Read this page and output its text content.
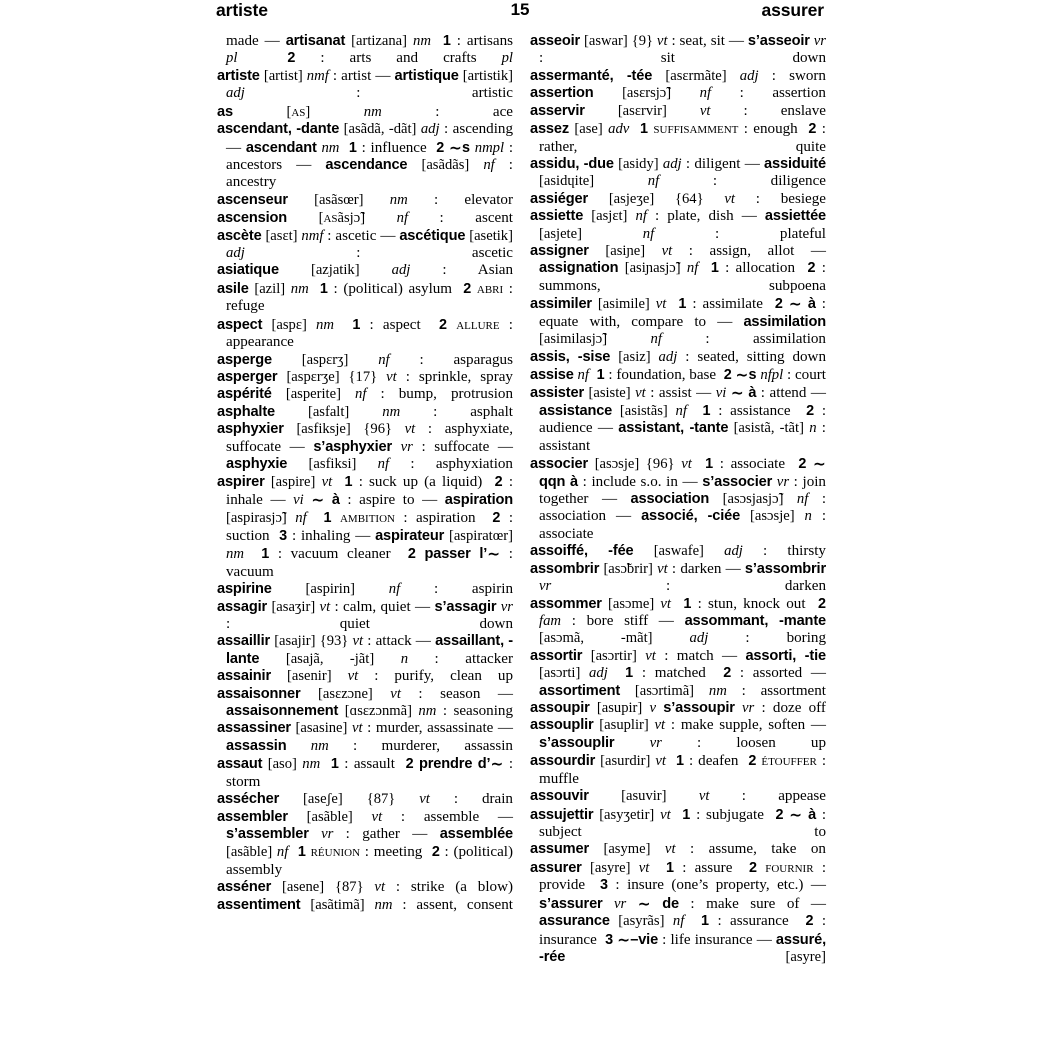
artiste	15	assurer
made — artisanat [artizana] nm 1 : artisans pl	2 : arts and crafts pl
artiste [artist] nmf : artist — artistique [artistik] adj : artistic
as	[as]	nm : ace
ascendant, -dante [asãdã, -dãt] adj : ascending — ascendant nm 1 : influence  2 ∼s nmpl : ancestors — ascendance [asãdãs] nf : ancestry
ascenseur [asãsœr] nm : elevator
ascension [asãsjɔ̃] nf : ascent
ascète [asɛt] nmf : ascetic — ascétique [asetik] adj : ascetic
asiatique [azjatik] adj : Asian
asile [azil] nm 1 : (political) asylum  2 abri : refuge
aspect [aspɛ] nm 1 : aspect  2 allure : appearance
asperge [aspɛrʒ] nf : asparagus
asperger [aspɛrʒe] {17} vt : sprinkle, spray
aspérité [asperite] nf : bump, protrusion
asphalte [asfalt] nm : asphalt
asphyxier [asfiksje] {96} vt : asphyxiate, suffocate — s’asphyxier vr : suffocate — asphyxie [asfiksi] nf : asphyxiation
aspirer [aspire] vt 1 : suck up (a liquid)  2 : inhale — vi ∼ à : aspire to — aspiration [aspirasjɔ̃] nf 1 ambition : aspiration  2 : suction  3 : inhaling — aspirateur [aspiratœr] nm 1 : vacuum cleaner  2 passer l’∼ : vacuum
aspirine [aspirin] nf : aspirin
assagir [asaʒir] vt : calm, quiet — s’assagir vr : quiet down
assaillir [asajir] {93} vt : attack — assaillant, -lante [asajã, -jãt] n : attacker
assainir [asenir] vt : purify, clean up
assaisonner [asɛzɔne] vt : season — assaisonnement [ɑsɛzɔnmã] nm : seasoning
assassiner [asasine] vt : murder, assassinate — assassin nm : murderer, assassin
assaut [aso] nm 1 : assault  2 prendre d’∼ : storm
assécher [aseʃe] {87} vt : drain
assembler [asãble] vt : assemble — s’assembler vr : gather — assemblée [asãble] nf 1 réunion : meeting  2 : (political) assembly
asséner [asene] {87} vt : strike (a blow)
assentiment [asãtimã] nm : assent, consent
asseoir [aswar] {9} vt : seat, sit — s’asseoir vr : sit down
assermanté, -tée [asɛrmãte] adj : sworn
assertion [asɛrsjɔ̃] nf : assertion
asservir [asɛrvir] vt : enslave
assez [ase] adv 1 suffisamment : enough  2 : rather, quite
assidu, -due [asidy] adj : diligent — assiduité [asidɥite]	nf : diligence
assiéger [asjeʒe] {64} vt : besiege
assiette [asjɛt] nf : plate, dish — assiettée [asjete]	nf : plateful
assigner [asiɲe] vt : assign, allot — assignation [asiɲasjɔ̃] nf 1 : allocation  2 : summons, subpoena
assimiler [asimile] vt 1 : assimilate  2 ∼ à : equate with, compare to — assimilation [asimilasjɔ̃]	nf : assimilation
assis, -sise [asiz] adj : seated, sitting down
assise nf 1 : foundation, base  2 ∼s nfpl : court
assister [asiste] vt : assist — vi ∼ à : attend — assistance [asistãs] nf 1 : assistance  2 : audience — assistant, -tante [asistã, -tãt] n : assistant
associer [asɔsje] {96} vt 1 : associate  2 ∼ qqn à : include s.o. in — s’associer vr : join together — association [asɔsjasjɔ̃] nf : association — associé, -ciée [asɔsje] n : associate
assoiffé, -fée [aswafe] adj : thirsty
assombrir [asɔ̃brir] vt : darken — s’assombrir vr : darken
assommer [asɔme] vt 1 : stun, knock out  2 fam : bore stiff — assommant, -mante [asɔmã, -mãt]	adj : boring
assortir [asɔrtir] vt : match — assorti, -tie [asɔrti] adj 1 : matched  2 : assorted — assortiment [asɔrtimã] nm : assortment
assoupir [asupir] v s’assoupir vr : doze off
assouplir [asuplir] vt : make supple, soften — s’assouplir vr : loosen up
assourdir [asurdir] vt 1 : deafen  2 étouffer : muffle
assouvir [asuvir] vt : appease
assujettir [asyʒetir] vt 1 : subjugate  2 ∼ à : subject to
assumer [asyme] vt : assume, take on
assurer [asyre] vt 1 : assure  2 fournir : provide  3 : insure (one’s property, etc.) — s’assurer vr ∼ de : make sure of — assurance [asyrãs] nf 1 : assurance  2 : insurance  3 ∼–vie : life insurance — assuré, -rée	[asyre]
